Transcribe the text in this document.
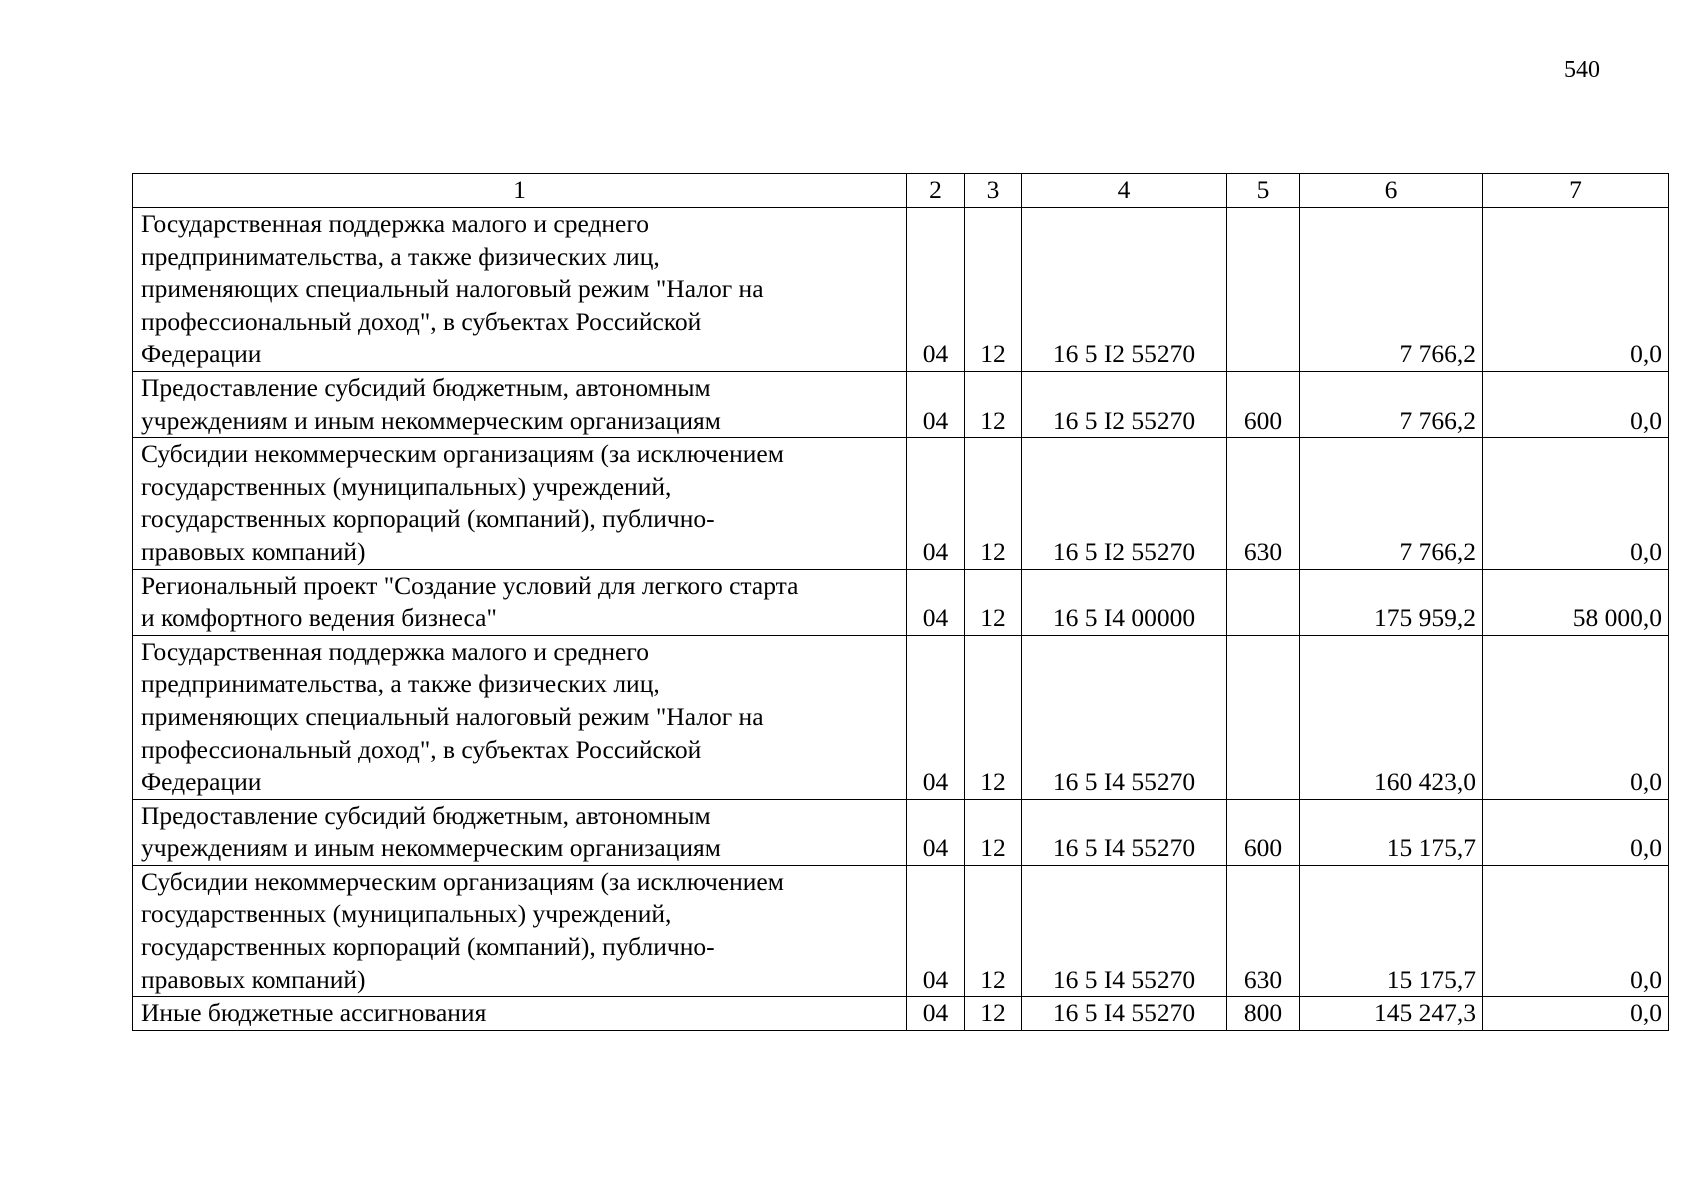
540
1	2	3	4	5	6	7

Государственная поддержка малого и среднего
предпринимательства, а также физических лиц,
применяющих специальный налоговый режим "Налог на
профессиональный доход", в субъектах Российской
Федерации	04	12	16 5 I2 55270		7 766,2	0,0

Предоставление субсидий бюджетным, автономным
учреждениям и иным некоммерческим организациям	04	12	16 5 I2 55270	600	7 766,2	0,0

Субсидии некоммерческим организациям (за исключением
государственных (муниципальных) учреждений,
государственных корпораций (компаний), публично-
правовых компаний)	04	12	16 5 I2 55270	630	7 766,2	0,0

Региональный проект "Создание условий для легкого старта
и комфортного ведения бизнеса"	04	12	16 5 I4 00000		175 959,2	58 000,0

Государственная поддержка малого и среднего
предпринимательства, а также физических лиц,
применяющих специальный налоговый режим "Налог на
профессиональный доход", в субъектах Российской
Федерации	04	12	16 5 I4 55270		160 423,0	0,0

Предоставление субсидий бюджетным, автономным
учреждениям и иным некоммерческим организациям	04	12	16 5 I4 55270	600	15 175,7	0,0

Субсидии некоммерческим организациям (за исключением
государственных (муниципальных) учреждений,
государственных корпораций (компаний), публично-
правовых компаний)	04	12	16 5 I4 55270	630	15 175,7	0,0

Иные бюджетные ассигнования	04	12	16 5 I4 55270	800	145 247,3	0,0
